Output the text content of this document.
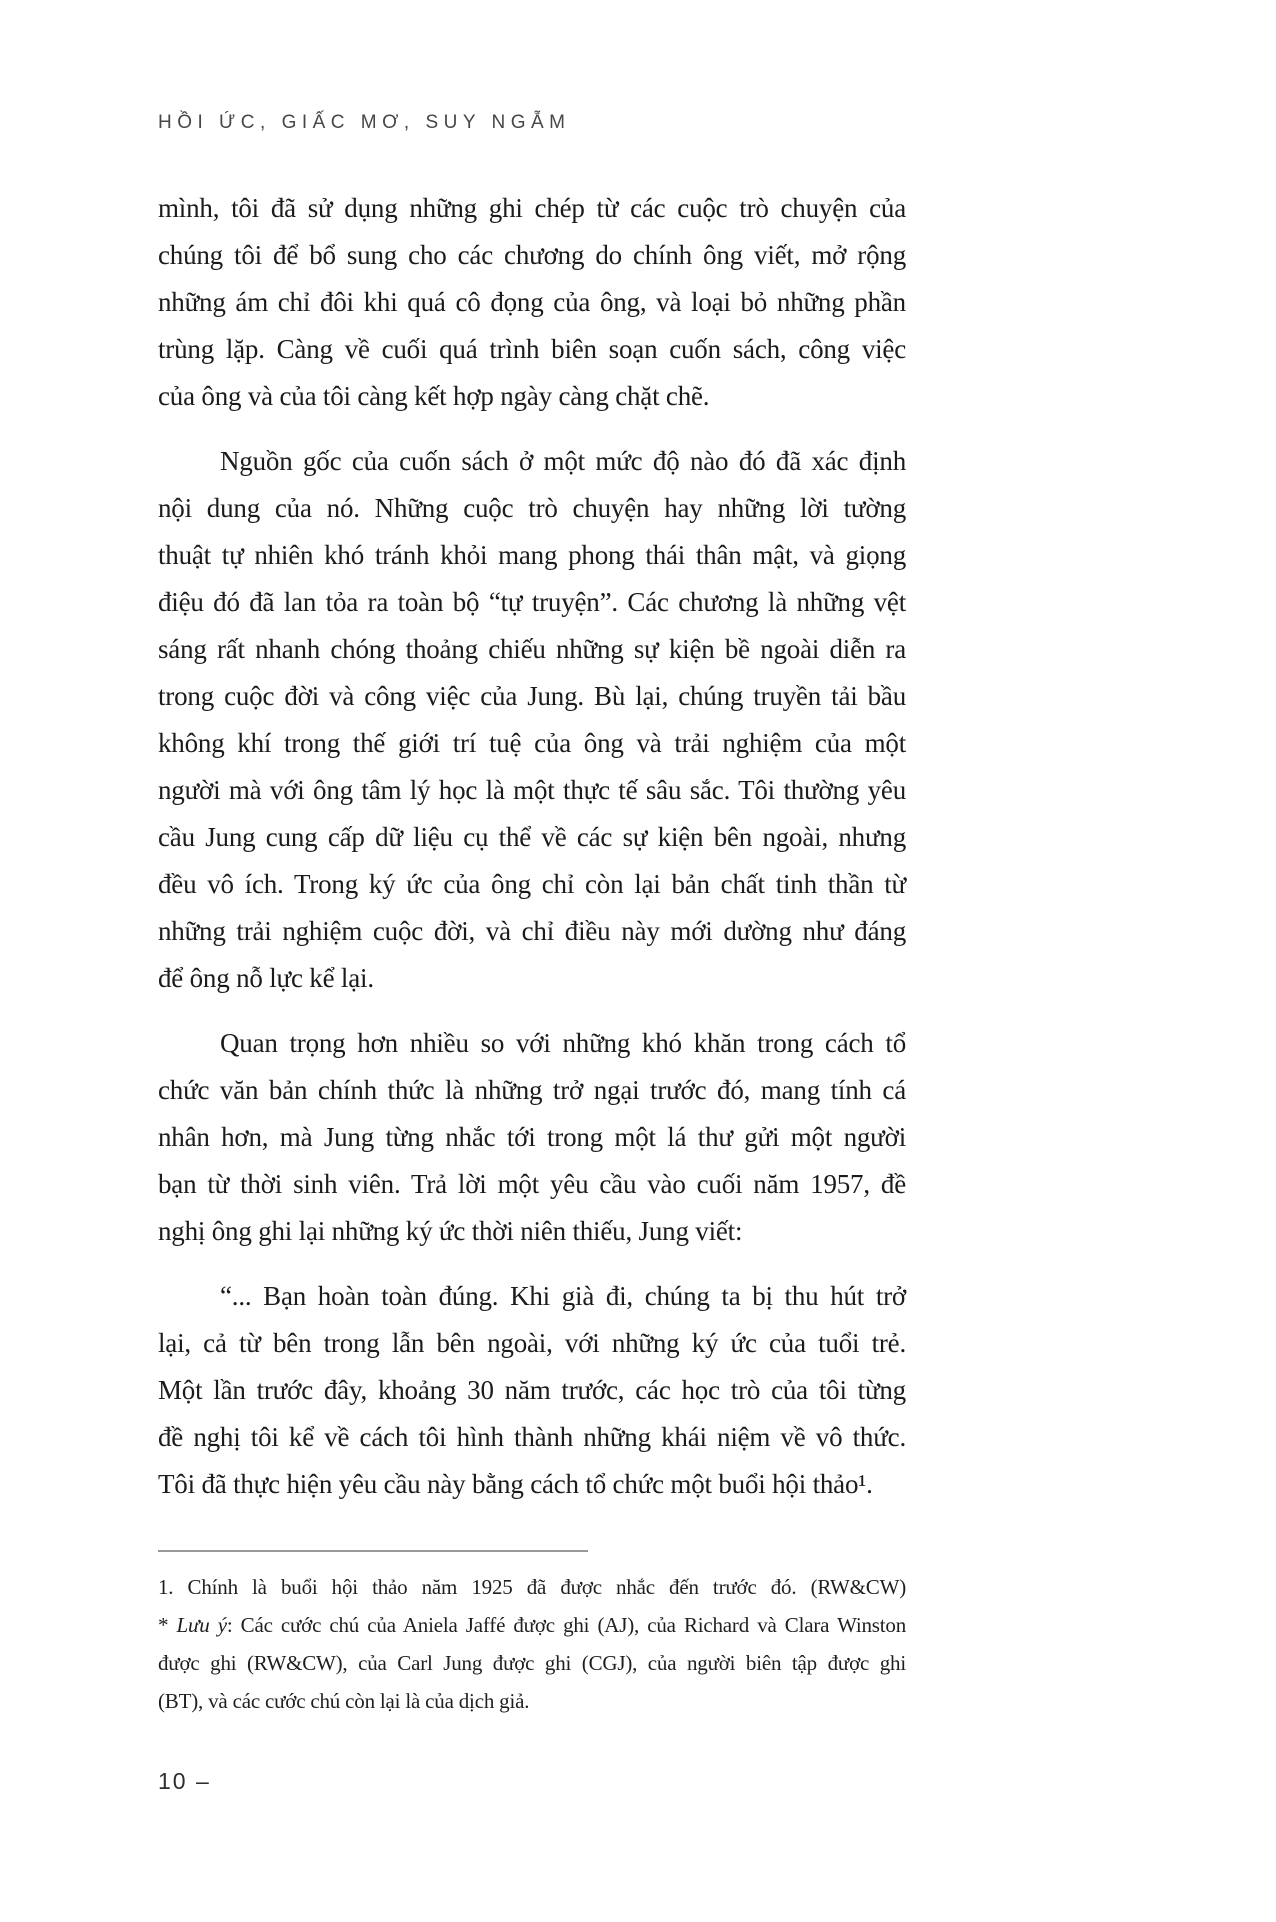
HỒI ỨC, GIẤC MƠ, SUY NGẪM
mình, tôi đã sử dụng những ghi chép từ các cuộc trò chuyện của
chúng tôi để bổ sung cho các chương do chính ông viết, mở rộng
những ám chỉ đôi khi quá cô đọng của ông, và loại bỏ những phần
trùng lặp. Càng về cuối quá trình biên soạn cuốn sách, công việc
của ông và của tôi càng kết hợp ngày càng chặt chẽ.
Nguồn gốc của cuốn sách ở một mức độ nào đó đã xác định
nội dung của nó. Những cuộc trò chuyện hay những lời tường
thuật tự nhiên khó tránh khỏi mang phong thái thân mật, và giọng
điệu đó đã lan tỏa ra toàn bộ “tự truyện”. Các chương là những vệt
sáng rất nhanh chóng thoảng chiếu những sự kiện bề ngoài diễn ra
trong cuộc đời và công việc của Jung. Bù lại, chúng truyền tải bầu
không khí trong thế giới trí tuệ của ông và trải nghiệm của một
người mà với ông tâm lý học là một thực tế sâu sắc. Tôi thường yêu
cầu Jung cung cấp dữ liệu cụ thể về các sự kiện bên ngoài, nhưng
đều vô ích. Trong ký ức của ông chỉ còn lại bản chất tinh thần từ
những trải nghiệm cuộc đời, và chỉ điều này mới dường như đáng
để ông nỗ lực kể lại.
Quan trọng hơn nhiều so với những khó khăn trong cách tổ
chức văn bản chính thức là những trở ngại trước đó, mang tính cá
nhân hơn, mà Jung từng nhắc tới trong một lá thư gửi một người
bạn từ thời sinh viên. Trả lời một yêu cầu vào cuối năm 1957, đề
nghị ông ghi lại những ký ức thời niên thiếu, Jung viết:
“... Bạn hoàn toàn đúng. Khi già đi, chúng ta bị thu hút trở
lại, cả từ bên trong lẫn bên ngoài, với những ký ức của tuổi trẻ.
Một lần trước đây, khoảng 30 năm trước, các học trò của tôi từng
đề nghị tôi kể về cách tôi hình thành những khái niệm về vô thức.
Tôi đã thực hiện yêu cầu này bằng cách tổ chức một buổi hội thảo¹.
1. Chính là buổi hội thảo năm 1925 đã được nhắc đến trước đó. (RW&CW)
* Lưu ý: Các cước chú của Aniela Jaffé được ghi (AJ), của Richard và Clara Winston
được ghi (RW&CW), của Carl Jung được ghi (CGJ), của người biên tập được ghi
(BT), và các cước chú còn lại là của dịch giả.
10 –
